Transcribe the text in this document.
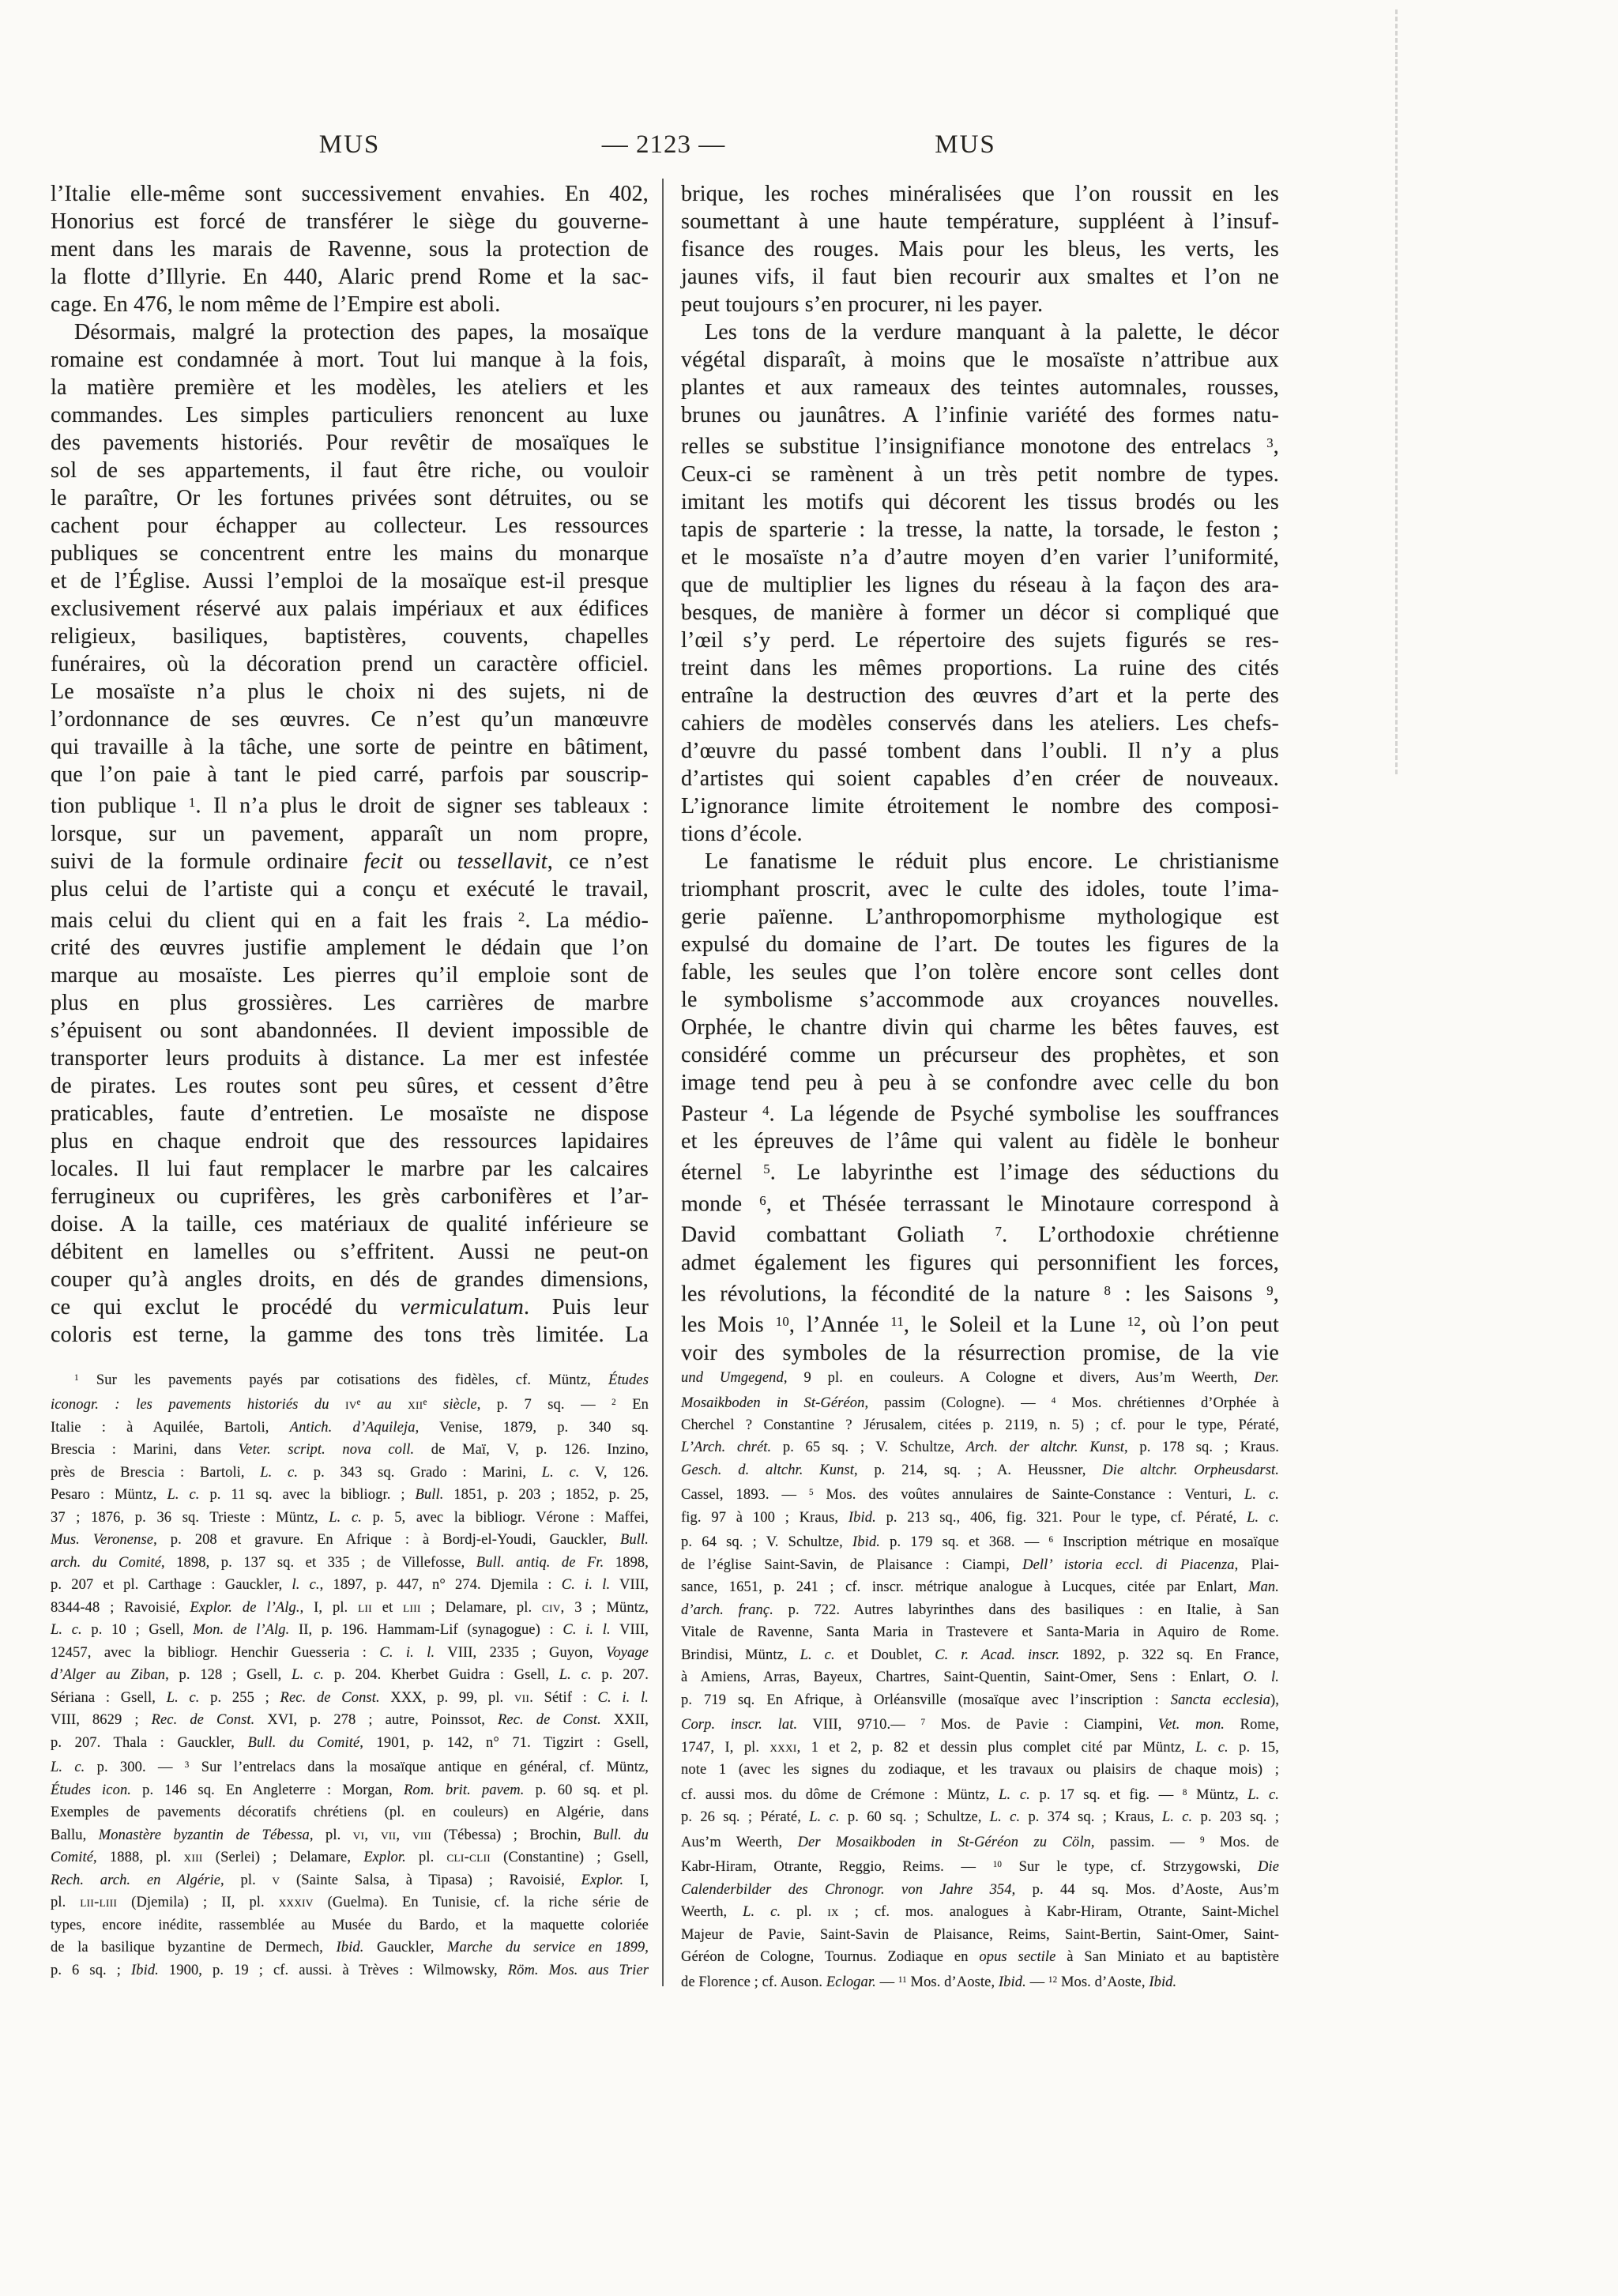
MUS	— 2123 —	MUS
l’Italie elle-même sont successivement envahies. En 402,
Honorius est forcé de transférer le siège du gouverne-
ment dans les marais de Ravenne, sous la protection de
la flotte d’Illyrie. En 440, Alaric prend Rome et la sac-
cage. En 476, le nom même de l’Empire est aboli.
Désormais, malgré la protection des papes, la mosaïque
romaine est condamnée à mort. Tout lui manque à la fois,
la matière première et les modèles, les ateliers et les
commandes. Les simples particuliers renoncent au luxe
des pavements historiés. Pour revêtir de mosaïques le
sol de ses appartements, il faut être riche, ou vouloir
le paraître, Or les fortunes privées sont détruites, ou se
cachent pour échapper au collecteur. Les ressources
publiques se concentrent entre les mains du monarque
et de l’Église. Aussi l’emploi de la mosaïque est-il presque
exclusivement réservé aux palais impériaux et aux édifices
religieux, basiliques, baptistères, couvents, chapelles
funéraires, où la décoration prend un caractère officiel.
Le mosaïste n’a plus le choix ni des sujets, ni de
l’ordonnance de ses œuvres. Ce n’est qu’un manœuvre
qui travaille à la tâche, une sorte de peintre en bâtiment,
que l’on paie à tant le pied carré, parfois par souscrip-
tion publique $^1$. Il n’a plus le droit de signer ses tableaux :
lorsque, sur un pavement, apparaît un nom propre,
suivi de la formule ordinaire fecit ou tessellavit, ce n’est
plus celui de l’artiste qui a conçu et exécuté le travail,
mais celui du client qui en a fait les frais $^2$. La médio-
crité des œuvres justifie amplement le dédain que l’on
marque au mosaïste. Les pierres qu’il emploie sont de
plus en plus grossières. Les carrières de marbre
s’épuisent ou sont abandonnées. Il devient impossible de
transporter leurs produits à distance. La mer est infestée
de pirates. Les routes sont peu sûres, et cessent d’être
praticables, faute d’entretien. Le mosaïste ne dispose
plus en chaque endroit que des ressources lapidaires
locales. Il lui faut remplacer le marbre par les calcaires
ferrugineux ou cuprifères, les grès carbonifères et l’ar-
doise. A la taille, ces matériaux de qualité inférieure se
débitent en lamelles ou s’effritent. Aussi ne peut-on
couper qu’à angles droits, en dés de grandes dimensions,
ce qui exclut le procédé du vermiculatum. Puis leur
coloris est terne, la gamme des tons très limitée. La
brique, les roches minéralisées que l’on roussit en les
soumettant à une haute température, suppléent à l’insuf-
fisance des rouges. Mais pour les bleus, les verts, les
jaunes vifs, il faut bien recourir aux smaltes et l’on ne
peut toujours s’en procurer, ni les payer.
Les tons de la verdure manquant à la palette, le décor
végétal disparaît, à moins que le mosaïste n’attribue aux
plantes et aux rameaux des teintes automnales, rousses,
brunes ou jaunâtres. A l’infinie variété des formes natu-
relles se substitue l’insignifiance monotone des entrelacs $^3$,
Ceux-ci se ramènent à un très petit nombre de types.
imitant les motifs qui décorent les tissus brodés ou les
tapis de sparterie : la tresse, la natte, la torsade, le feston ;
et le mosaïste n’a d’autre moyen d’en varier l’uniformité,
que de multiplier les lignes du réseau à la façon des ara-
besques, de manière à former un décor si compliqué que
l’œil s’y perd. Le répertoire des sujets figurés se res-
treint dans les mêmes proportions. La ruine des cités
entraîne la destruction des œuvres d’art et la perte des
cahiers de modèles conservés dans les ateliers. Les chefs-
d’œuvre du passé tombent dans l’oubli. Il n’y a plus
d’artistes qui soient capables d’en créer de nouveaux.
L’ignorance limite étroitement le nombre des composi-
tions d’école.
Le fanatisme le réduit plus encore. Le christianisme
triomphant proscrit, avec le culte des idoles, toute l’ima-
gerie païenne. L’anthropomorphisme mythologique est
expulsé du domaine de l’art. De toutes les figures de la
fable, les seules que l’on tolère encore sont celles dont
le symbolisme s’accommode aux croyances nouvelles.
Orphée, le chantre divin qui charme les bêtes fauves, est
considéré comme un précurseur des prophètes, et son
image tend peu à peu à se confondre avec celle du bon
Pasteur $^4$. La légende de Psyché symbolise les souffrances
et les épreuves de l’âme qui valent au fidèle le bonheur
éternel $^5$. Le labyrinthe est l’image des séductions du
monde $^6$, et Thésée terrassant le Minotaure correspond à
David combattant Goliath $^7$. L’orthodoxie chrétienne
admet également les figures qui personnifient les forces,
les révolutions, la fécondité de la nature $^8$ : les Saisons $^9$,
les Mois $^{10}$, l’Année $^{11}$, le Soleil et la Lune $^{12}$, où l’on peut
voir des symboles de la résurrection promise, de la vie
$^1$ Sur les pavements payés par cotisations des fidèles, cf. Müntz, Études
iconogr. : les pavements historiés du $iv^e$ au xii$^e$ siècle, p. 7 sq. — $^2$ En
Italie : à Aquilée, Bartoli, Antich. d’Aquileja, Venise, 1879, p. 340 sq.
Brescia : Marini, dans Veter. script. nova coll. de Maï, V, p. 126. Inzino,
près de Brescia : Bartoli, L. c. p. 343 sq. Grado : Marini, L. c. V, 126.
Pesaro : Müntz, L. c. p. 11 sq. avec la bibliogr. ; Bull. 1851, p. 203 ; 1852, p. 25,
37 ; 1876, p. 36 sq. Trieste : Müntz, L. c. p. 5, avec la bibliogr. Vérone : Maffei,
Mus. Veronense, p. 208 et gravure. En Afrique : à Bordj-el-Youdi, Gauckler, Bull.
arch. du Comité, 1898, p. 137 sq. et 335 ; de Villefosse, Bull. antiq. de Fr. 1898,
p. 207 et pl. Carthage : Gauckler, l. c., 1897, p. 447, n° 274. Djemila : C. i. l. VIII,
8344-48 ; Ravoisié, Explor. de l’Alg., I, pl. lii et liii ; Delamare, pl. civ, 3 ; Müntz,
L. c. p. 10 ; Gsell, Mon. de l’Alg. II, p. 196. Hammam-Lif (synagogue) : C. i. l. VIII,
12457, avec la bibliogr. Henchir Guesseria : C. i. l. VIII, 2335 ; Guyon, Voyage
d’Alger au Ziban, p. 128 ; Gsell, L. c. p. 204. Kherbet Guidra : Gsell, L. c. p. 207.
Sériana : Gsell, L. c. p. 255 ; Rec. de Const. XXX, p. 99, pl. vii. Sétif : C. i. l.
VIII, 8629 ; Rec. de Const. XVI, p. 278 ; autre, Poinssot, Rec. de Const. XXII,
p. 207. Thala : Gauckler, Bull. du Comité, 1901, p. 142, n° 71. Tigzirt : Gsell,
L. c. p. 300. — $^3$ Sur l’entrelacs dans la mosaïque antique en général, cf. Müntz,
Études icon. p. 146 sq. En Angleterre : Morgan, Rom. brit. pavem. p. 60 sq. et pl.
Exemples de pavements décoratifs chrétiens (pl. en couleurs) en Algérie, dans
Ballu, Monastère byzantin de Tébessa, pl. vi, vii, viii (Tébessa) ; Brochin, Bull. du
Comité, 1888, pl. xiii (Serlei) ; Delamare, Explor. pl. cli-clii (Constantine) ; Gsell,
Rech. arch. en Algérie, pl. v (Sainte Salsa, à Tipasa) ; Ravoisié, Explor. I,
pl. lii-liii (Djemila) ; II, pl. xxxiv (Guelma). En Tunisie, cf. la riche série de
types, encore inédite, rassemblée au Musée du Bardo, et la maquette coloriée
de la basilique byzantine de Dermech, Ibid. Gauckler, Marche du service en 1899,
p. 6 sq. ; Ibid. 1900, p. 19 ; cf. aussi. à Trèves : Wilmowsky, Röm. Mos. aus Trier
und Umgegend, 9 pl. en couleurs. A Cologne et divers, Aus’m Weerth, Der.
Mosaikboden in St-Géréon, passim (Cologne). — $^4$ Mos. chrétiennes d’Orphée à
Cherchel ? Constantine ? Jérusalem, citées p. 2119, n. 5) ; cf. pour le type, Pératé,
L’Arch. chrét. p. 65 sq. ; V. Schultze, Arch. der altchr. Kunst, p. 178 sq. ; Kraus.
Gesch. d. altchr. Kunst, p. 214, sq. ; A. Heussner, Die altchr. Orpheusdarst.
Cassel, 1893. — $^5$ Mos. des voûtes annulaires de Sainte-Constance : Venturi, L. c.
fig. 97 à 100 ; Kraus, Ibid. p. 213 sq., 406, fig. 321. Pour le type, cf. Pératé, L. c.
p. 64 sq. ; V. Schultze, Ibid. p. 179 sq. et 368. — $^6$ Inscription métrique en mosaïque
de l’église Saint-Savin, de Plaisance : Ciampi, Dell’ istoria eccl. di Piacenza, Plai-
sance, 1651, p. 241 ; cf. inscr. métrique analogue à Lucques, citée par Enlart, Man.
d’arch. franç. p. 722. Autres labyrinthes dans des basiliques : en Italie, à San
Vitale de Ravenne, Santa Maria in Trastevere et Santa-Maria in Aquiro de Rome.
Brindisi, Müntz, L. c. et Doublet, C. r. Acad. inscr. 1892, p. 322 sq. En France,
à Amiens, Arras, Bayeux, Chartres, Saint-Quentin, Saint-Omer, Sens : Enlart, O. l.
p. 719 sq. En Afrique, à Orléansville (mosaïque avec l’inscription : Sancta ecclesia),
Corp. inscr. lat. VIII, 9710.— $^7$ Mos. de Pavie : Ciampini, Vet. mon. Rome,
1747, I, pl. xxxi, 1 et 2, p. 82 et dessin plus complet cité par Müntz, L. c. p. 15,
note 1 (avec les signes du zodiaque, et les travaux ou plaisirs de chaque mois) ;
cf. aussi mos. du dôme de Crémone : Müntz, L. c. p. 17 sq. et fig. — $^8$ Müntz, L. c.
p. 26 sq. ; Pératé, L. c. p. 60 sq. ; Schultze, L. c. p. 374 sq. ; Kraus, L. c. p. 203 sq. ;
Aus’m Weerth, Der Mosaikboden in St-Géréon zu Cöln, passim. — $^9$ Mos. de
Kabr-Hiram, Otrante, Reggio, Reims. — $^{10}$ Sur le type, cf. Strzygowski, Die
Calenderbilder des Chronogr. von Jahre 354, p. 44 sq. Mos. d’Aoste, Aus’m
Weerth, L. c. pl. ix ; cf. mos. analogues à Kabr-Hiram, Otrante, Saint-Michel
Majeur de Pavie, Saint-Savin de Plaisance, Reims, Saint-Bertin, Saint-Omer, Saint-
Géréon de Cologne, Tournus. Zodiaque en opus sectile à San Miniato et au baptistère
de Florence ; cf. Auson. Eclogar. — $^{11}$ Mos. d’Aoste, Ibid. — $^{12}$ Mos. d’Aoste, Ibid.
